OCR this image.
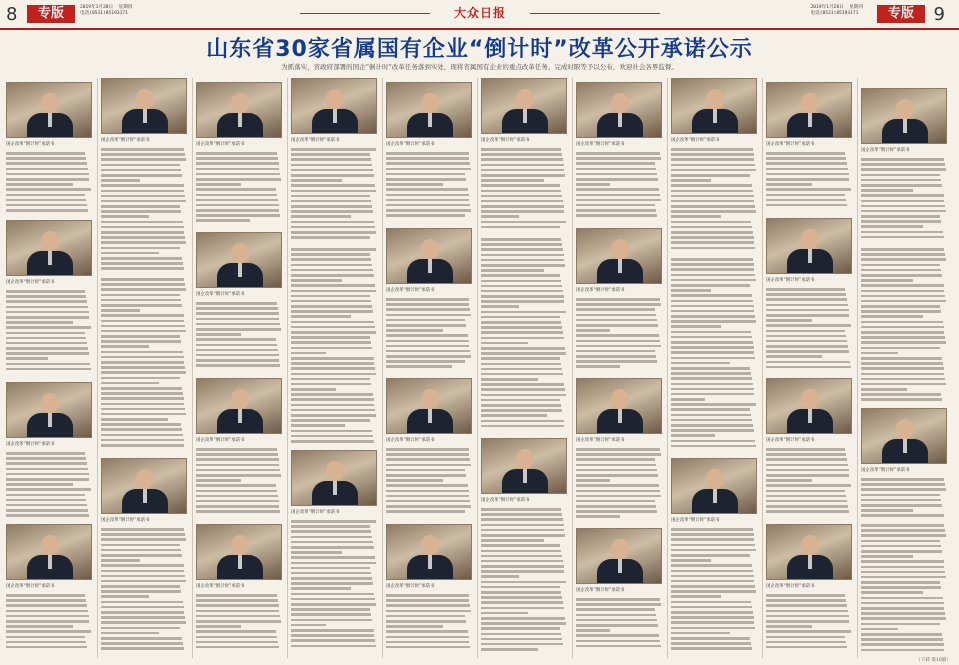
8	专版	2019年1月28日  星期四
电话(0531)85193171	大众日报	2019年1月28日  星期四
电话(0531)85193171	专版	9
山东省30家省属国有企业“倒计时”改革公开承诺公示
为抓落实，省政府部署的国企“倒计时”改革任务落到实处，现将省属国有企业的重点改革任务，完成时限等予以公布，欢迎社会各界监督。
国企改革“倒计时”承诺书
国企改革“倒计时”承诺书
国企改革“倒计时”承诺书
国企改革“倒计时”承诺书
国企改革“倒计时”承诺书
国企改革“倒计时”承诺书
国企改革“倒计时”承诺书
国企改革“倒计时”承诺书
国企改革“倒计时”承诺书
国企改革“倒计时”承诺书
国企改革“倒计时”承诺书
国企改革“倒计时”承诺书
国企改革“倒计时”承诺书
国企改革“倒计时”承诺书
国企改革“倒计时”承诺书
国企改革“倒计时”承诺书
国企改革“倒计时”承诺书
国企改革“倒计时”承诺书
国企改革“倒计时”承诺书
国企改革“倒计时”承诺书
国企改革“倒计时”承诺书
国企改革“倒计时”承诺书
国企改革“倒计时”承诺书
国企改革“倒计时”承诺书
国企改革“倒计时”承诺书
国企改革“倒计时”承诺书
国企改革“倒计时”承诺书
国企改革“倒计时”承诺书
国企改革“倒计时”承诺书
国企改革“倒计时”承诺书
（下转 第10版）
